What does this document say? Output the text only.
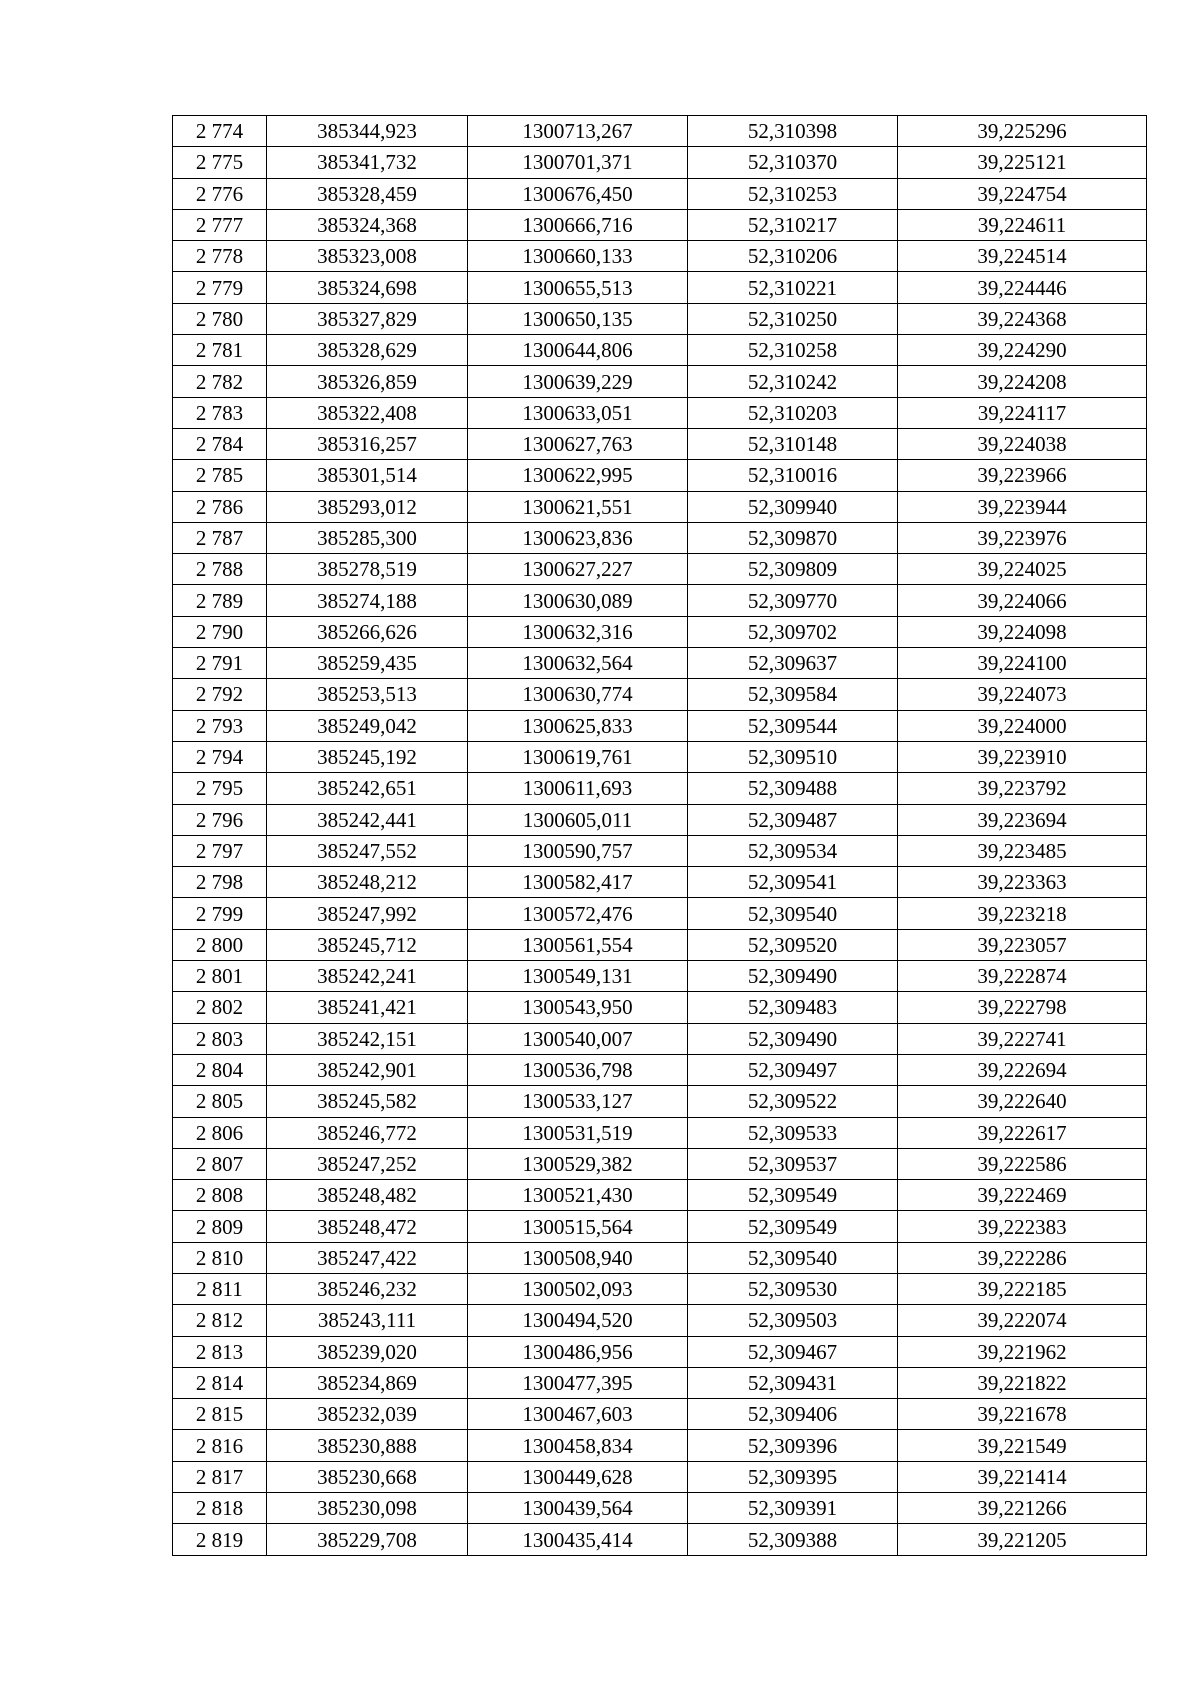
2 774	385344,923	1300713,267	52,310398	39,225296
2 775	385341,732	1300701,371	52,310370	39,225121
2 776	385328,459	1300676,450	52,310253	39,224754
2 777	385324,368	1300666,716	52,310217	39,224611
2 778	385323,008	1300660,133	52,310206	39,224514
2 779	385324,698	1300655,513	52,310221	39,224446
2 780	385327,829	1300650,135	52,310250	39,224368
2 781	385328,629	1300644,806	52,310258	39,224290
2 782	385326,859	1300639,229	52,310242	39,224208
2 783	385322,408	1300633,051	52,310203	39,224117
2 784	385316,257	1300627,763	52,310148	39,224038
2 785	385301,514	1300622,995	52,310016	39,223966
2 786	385293,012	1300621,551	52,309940	39,223944
2 787	385285,300	1300623,836	52,309870	39,223976
2 788	385278,519	1300627,227	52,309809	39,224025
2 789	385274,188	1300630,089	52,309770	39,224066
2 790	385266,626	1300632,316	52,309702	39,224098
2 791	385259,435	1300632,564	52,309637	39,224100
2 792	385253,513	1300630,774	52,309584	39,224073
2 793	385249,042	1300625,833	52,309544	39,224000
2 794	385245,192	1300619,761	52,309510	39,223910
2 795	385242,651	1300611,693	52,309488	39,223792
2 796	385242,441	1300605,011	52,309487	39,223694
2 797	385247,552	1300590,757	52,309534	39,223485
2 798	385248,212	1300582,417	52,309541	39,223363
2 799	385247,992	1300572,476	52,309540	39,223218
2 800	385245,712	1300561,554	52,309520	39,223057
2 801	385242,241	1300549,131	52,309490	39,222874
2 802	385241,421	1300543,950	52,309483	39,222798
2 803	385242,151	1300540,007	52,309490	39,222741
2 804	385242,901	1300536,798	52,309497	39,222694
2 805	385245,582	1300533,127	52,309522	39,222640
2 806	385246,772	1300531,519	52,309533	39,222617
2 807	385247,252	1300529,382	52,309537	39,222586
2 808	385248,482	1300521,430	52,309549	39,222469
2 809	385248,472	1300515,564	52,309549	39,222383
2 810	385247,422	1300508,940	52,309540	39,222286
2 811	385246,232	1300502,093	52,309530	39,222185
2 812	385243,111	1300494,520	52,309503	39,222074
2 813	385239,020	1300486,956	52,309467	39,221962
2 814	385234,869	1300477,395	52,309431	39,221822
2 815	385232,039	1300467,603	52,309406	39,221678
2 816	385230,888	1300458,834	52,309396	39,221549
2 817	385230,668	1300449,628	52,309395	39,221414
2 818	385230,098	1300439,564	52,309391	39,221266
2 819	385229,708	1300435,414	52,309388	39,221205
